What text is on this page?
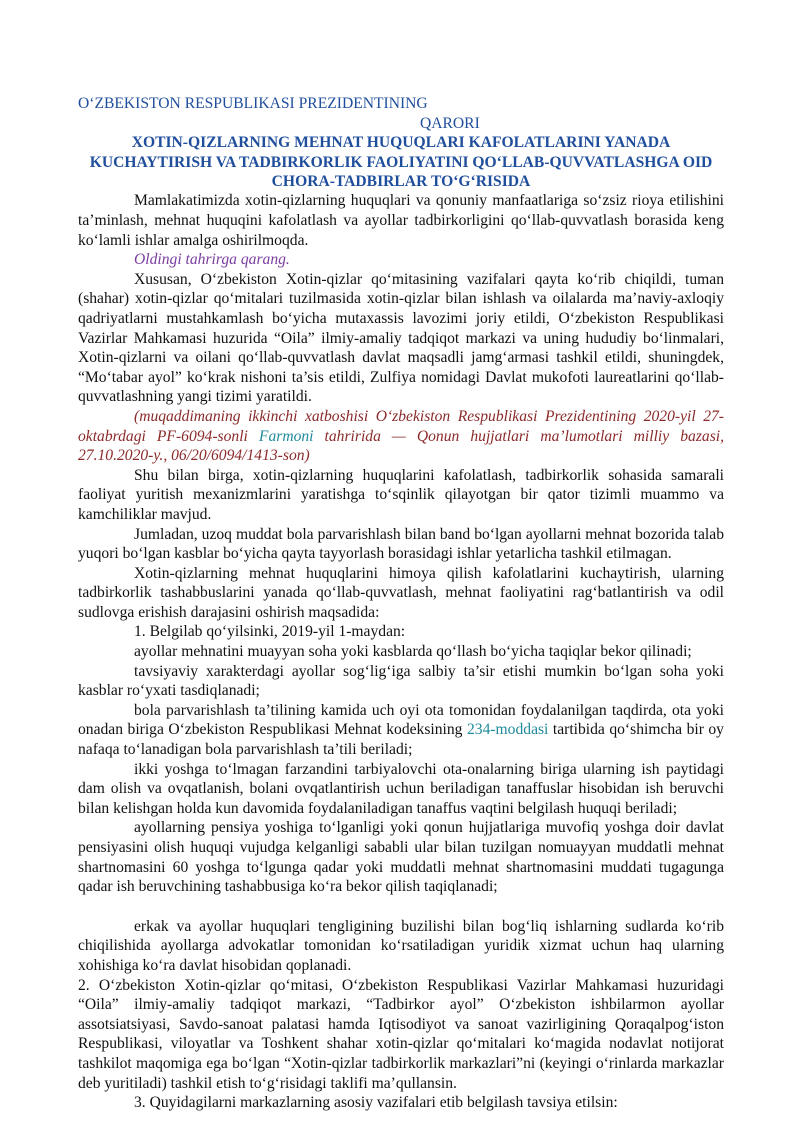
O‘ZBEKISTON RESPUBLIKASI PREZIDENTINING

QARORI

XOTIN-QIZLARNING MEHNAT HUQUQLARI KAFOLATLARINI YANADA KUCHAYTIRISH VA TADBIRKORLIK FAOLIYATINI QO‘LLAB-QUVVATLASHGA OID CHORA-TADBIRLAR TO‘G‘RISIDA

Mamlakatimizda xotin-qizlarning huquqlari va qonuniy manfaatlariga so‘zsiz rioya etilishini ta’minlash, mehnat huquqini kafolatlash va ayollar tadbirkorligini qo‘llab-quvvatlash borasida keng ko‘lamli ishlar amalga oshirilmoqda.

Oldingi tahrirga qarang.

Xususan, O‘zbekiston Xotin-qizlar qo‘mitasining vazifalari qayta ko‘rib chiqildi, tuman (shahar) xotin-qizlar qo‘mitalari tuzilmasida xotin-qizlar bilan ishlash va oilalarda ma’naviy-axloqiy qadriyatlarni mustahkamlash bo‘yicha mutaxassis lavozimi joriy etildi, O‘zbekiston Respublikasi Vazirlar Mahkamasi huzurida “Oila” ilmiy-amaliy tadqiqot markazi va uning hududiy bo‘linmalari, Xotin-qizlarni va oilani qo‘llab-quvvatlash davlat maqsadli jamg‘armasi tashkil etildi, shuningdek, “Mo‘tabar ayol” ko‘krak nishoni ta’sis etildi, Zulfiya nomidagi Davlat mukofoti laureatlarini qo‘llab-quvvatlashning yangi tizimi yaratildi.

(muqaddimaning ikkinchi xatboshisi O‘zbekiston Respublikasi Prezidentining 2020-yil 27-oktabrdagi PF-6094-sonli Farmoni tahririda — Qonun hujjatlari ma’lumotlari milliy bazasi, 27.10.2020-y., 06/20/6094/1413-son)

Shu bilan birga, xotin-qizlarning huquqlarini kafolatlash, tadbirkorlik sohasida samarali faoliyat yuritish mexanizmlarini yaratishga to‘sqinlik qilayotgan bir qator tizimli muammo va kamchiliklar mavjud.

Jumladan, uzoq muddat bola parvarishlash bilan band bo‘lgan ayollarni mehnat bozorida talab yuqori bo‘lgan kasblar bo‘yicha qayta tayyorlash borasidagi ishlar yetarlicha tashkil etilmagan.

Xotin-qizlarning mehnat huquqlarini himoya qilish kafolatlarini kuchaytirish, ularning tadbirkorlik tashabbuslarini yanada qo‘llab-quvvatlash, mehnat faoliyatini rag‘batlantirish va odil sudlovga erishish darajasini oshirish maqsadida:

1. Belgilab qo‘yilsinki, 2019-yil 1-maydan:

ayollar mehnatini muayyan soha yoki kasblarda qo‘llash bo‘yicha taqiqlar bekor qilinadi;

tavsiyaviy xarakterdagi ayollar sog‘lig‘iga salbiy ta’sir etishi mumkin bo‘lgan soha yoki kasblar ro‘yxati tasdiqlanadi;

bola parvarishlash ta’tilining kamida uch oyi ota tomonidan foydalanilgan taqdirda, ota yoki onadan biriga O‘zbekiston Respublikasi Mehnat kodeksining 234-moddasi tartibida qo‘shimcha bir oy nafaqa to‘lanadigan bola parvarishlash ta’tili beriladi;

ikki yoshga to‘lmagan farzandini tarbiyalovchi ota-onalarning biriga ularning ish paytidagi dam olish va ovqatlanish, bolani ovqatlantirish uchun beriladigan tanaffuslar hisobidan ish beruvchi bilan kelishgan holda kun davomida foydalaniladigan tanaffus vaqtini belgilash huquqi beriladi;

ayollarning pensiya yoshiga to‘lganligi yoki qonun hujjatlariga muvofiq yoshga doir davlat pensiyasini olish huquqi vujudga kelganligi sababli ular bilan tuzilgan nomuayyan muddatli mehnat shartnomasini 60 yoshga to‘lgunga qadar yoki muddatli mehnat shartnomasini muddati tugagunga qadar ish beruvchining tashabbusiga ko‘ra bekor qilish taqiqlanadi;

erkak va ayollar huquqlari tengligining buzilishi bilan bog‘liq ishlarning sudlarda ko‘rib chiqilishida ayollarga advokatlar tomonidan ko‘rsatiladigan yuridik xizmat uchun haq ularning xohishiga ko‘ra davlat hisobidan qoplanadi.

2. O‘zbekiston Xotin-qizlar qo‘mitasi, O‘zbekiston Respublikasi Vazirlar Mahkamasi huzuridagi “Oila” ilmiy-amaliy tadqiqot markazi, “Tadbirkor ayol” O‘zbekiston ishbilarmon ayollar assotsiatsiyasi, Savdo-sanoat palatasi hamda Iqtisodiyot va sanoat vazirligining Qoraqalpog‘iston Respublikasi, viloyatlar va Toshkent shahar xotin-qizlar qo‘mitalari ko‘magida nodavlat notijorat tashkilot maqomiga ega bo‘lgan “Xotin-qizlar tadbirkorlik markazlari”ni (keyingi o‘rinlarda markazlar deb yuritiladi) tashkil etish to‘g‘risidagi taklifi ma’qullansin.

3. Quyidagilarni markazlarning asosiy vazifalari etib belgilash tavsiya etilsin:
